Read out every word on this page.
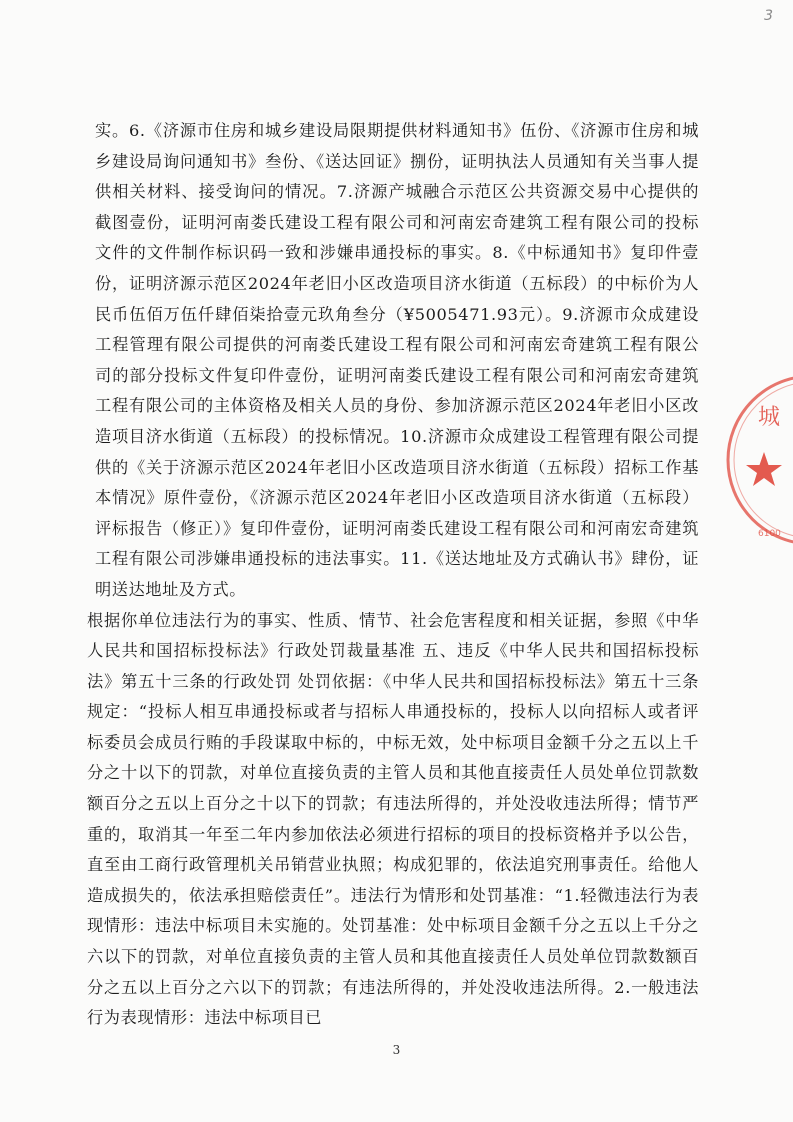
3

实。6.《济源市住房和城乡建设局限期提供材料通知书》伍份、《济源市住房和城乡建设局询问通知书》叁份、《送达回证》捌份，证明执法人员通知有关当事人提供相关材料、接受询问的情况。7.济源产城融合示范区公共资源交易中心提供的截图壹份，证明河南娄氏建设工程有限公司和河南宏奇建筑工程有限公司的投标文件的文件制作标识码一致和涉嫌串通投标的事实。8.《中标通知书》复印件壹份，证明济源示范区2024年老旧小区改造项目济水街道（五标段）的中标价为人民币伍佰万伍仟肆佰柒拾壹元玖角叁分（¥5005471.93元）。9.济源市众成建设工程管理有限公司提供的河南娄氏建设工程有限公司和河南宏奇建筑工程有限公司的部分投标文件复印件壹份，证明河南娄氏建设工程有限公司和河南宏奇建筑工程有限公司的主体资格及相关人员的身份、参加济源示范区2024年老旧小区改造项目济水街道（五标段）的投标情况。10.济源市众成建设工程管理有限公司提供的《关于济源示范区2024年老旧小区改造项目济水街道（五标段）招标工作基本情况》原件壹份，《济源示范区2024年老旧小区改造项目济水街道（五标段）评标报告（修正）》复印件壹份，证明河南娄氏建设工程有限公司和河南宏奇建筑工程有限公司涉嫌串通投标的违法事实。11.《送达地址及方式确认书》肆份，证明送达地址及方式。

根据你单位违法行为的事实、性质、情节、社会危害程度和相关证据，参照《中华人民共和国招标投标法》行政处罚裁量基准 五、违反《中华人民共和国招标投标法》第五十三条的行政处罚 处罚依据：《中华人民共和国招标投标法》第五十三条规定：“投标人相互串通投标或者与招标人串通投标的，投标人以向招标人或者评标委员会成员行贿的手段谋取中标的，中标无效，处中标项目金额千分之五以上千分之十以下的罚款，对单位直接负责的主管人员和其他直接责任人员处单位罚款数额百分之五以上百分之十以下的罚款；有违法所得的，并处没收违法所得；情节严重的，取消其一年至二年内参加依法必须进行招标的项目的投标资格并予以公告，直至由工商行政管理机关吊销营业执照；构成犯罪的，依法追究刑事责任。给他人造成损失的，依法承担赔偿责任”。违法行为情形和处罚基准：“1.轻微违法行为表现情形：违法中标项目未实施的。处罚基准：处中标项目金额千分之五以上千分之六以下的罚款，对单位直接负责的主管人员和其他直接责任人员处单位罚款数额百分之五以上百分之六以下的罚款；有违法所得的，并处没收违法所得。2.一般违法行为表现情形：违法中标项目已

城
6100
3
